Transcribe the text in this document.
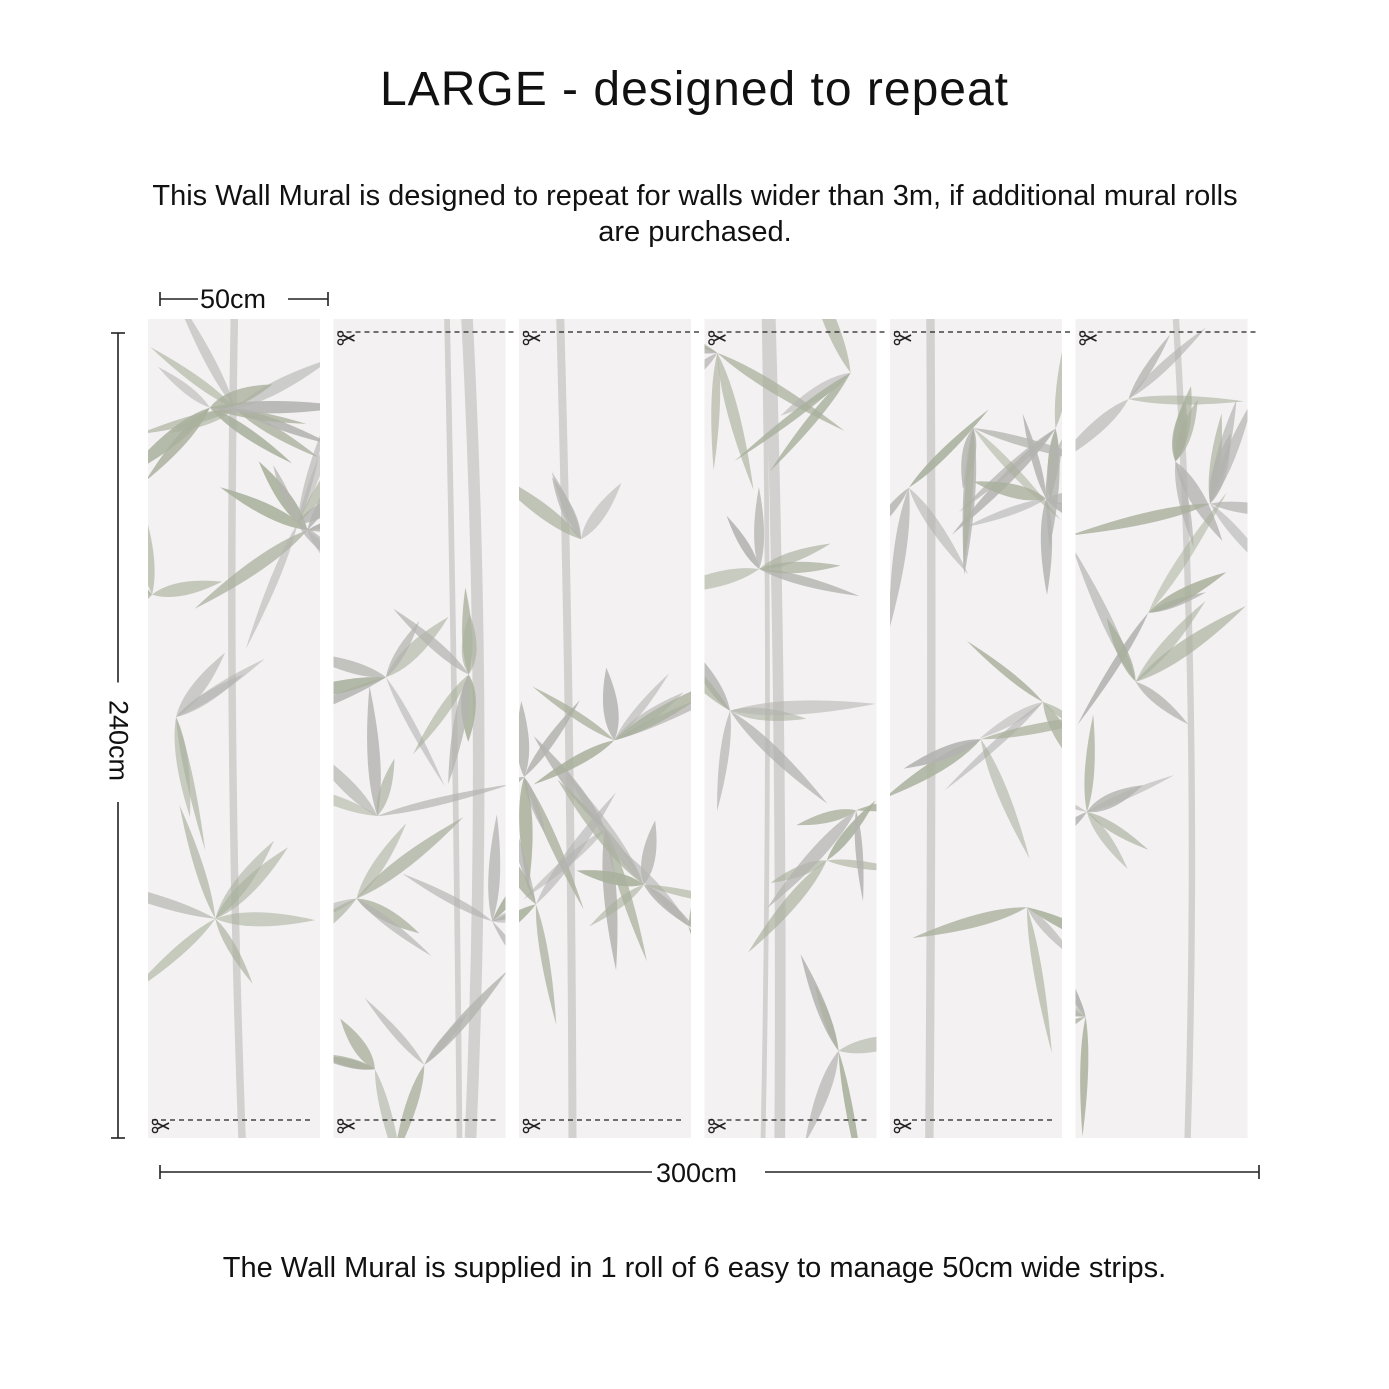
LARGE - designed to repeat
This Wall Mural is designed to repeat for walls wider than 3m, if additional mural rolls are purchased.
50cm
240cm
300cm
The Wall Mural is supplied in 1 roll of 6 easy to manage 50cm wide strips.
